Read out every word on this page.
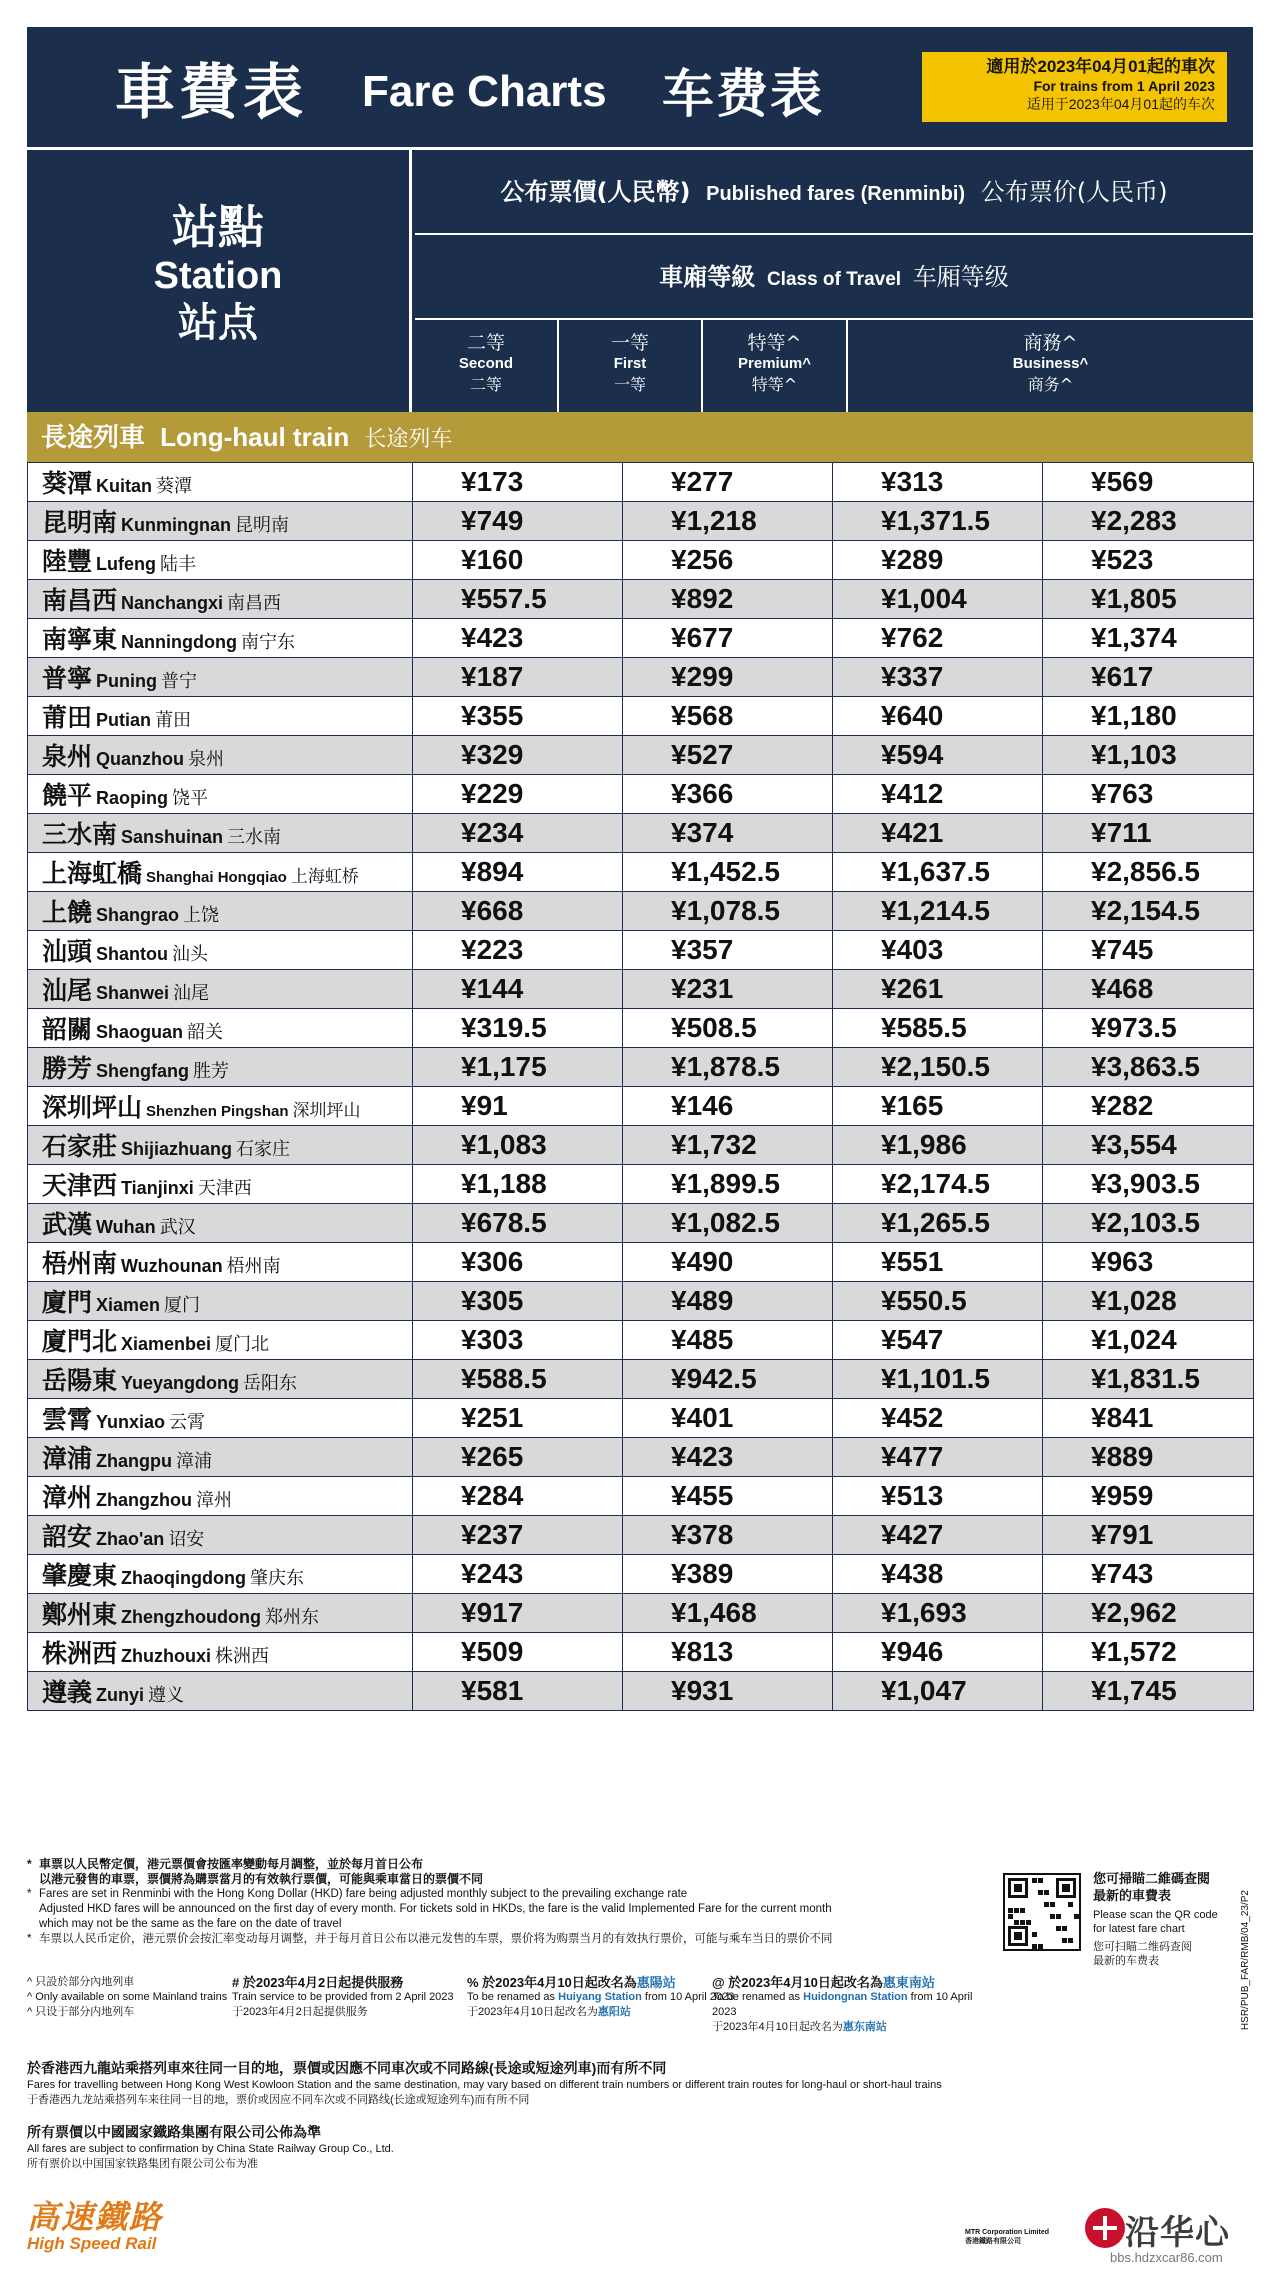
車費表 Fare Charts 车费表	適用於2023年04月01起的車次
For trains from 1 April 2023
适用于2023年04月01起的车次
站點
Station
站点
公布票價(人民幣) Published fares (Renminbi) 公布票价(人民币)
車廂等級 Class of Travel 车厢等级
二等
Second
二等
一等
First
一等
特等^
Premium^
特等^
商務^
Business^
商务^
長途列車 Long-haul train 长途列车
葵潭 Kuitan 葵潭	¥173	¥277	¥313	¥569
昆明南 Kunmingnan 昆明南	¥749	¥1,218	¥1,371.5	¥2,283
陸豐 Lufeng 陆丰	¥160	¥256	¥289	¥523
南昌西 Nanchangxi 南昌西	¥557.5	¥892	¥1,004	¥1,805
南寧東 Nanningdong 南宁东	¥423	¥677	¥762	¥1,374
普寧 Puning 普宁	¥187	¥299	¥337	¥617
莆田 Putian 莆田	¥355	¥568	¥640	¥1,180
泉州 Quanzhou 泉州	¥329	¥527	¥594	¥1,103
饒平 Raoping 饶平	¥229	¥366	¥412	¥763
三水南 Sanshuinan 三水南	¥234	¥374	¥421	¥711
上海虹橋 Shanghai Hongqiao 上海虹桥	¥894	¥1,452.5	¥1,637.5	¥2,856.5
上饒 Shangrao 上饶	¥668	¥1,078.5	¥1,214.5	¥2,154.5
汕頭 Shantou 汕头	¥223	¥357	¥403	¥745
汕尾 Shanwei 汕尾	¥144	¥231	¥261	¥468
韶關 Shaoguan 韶关	¥319.5	¥508.5	¥585.5	¥973.5
勝芳 Shengfang 胜芳	¥1,175	¥1,878.5	¥2,150.5	¥3,863.5
深圳坪山 Shenzhen Pingshan 深圳坪山	¥91	¥146	¥165	¥282
石家莊 Shijiazhuang 石家庄	¥1,083	¥1,732	¥1,986	¥3,554
天津西 Tianjinxi 天津西	¥1,188	¥1,899.5	¥2,174.5	¥3,903.5
武漢 Wuhan 武汉	¥678.5	¥1,082.5	¥1,265.5	¥2,103.5
梧州南 Wuzhounan 梧州南	¥306	¥490	¥551	¥963
廈門 Xiamen 厦门	¥305	¥489	¥550.5	¥1,028
廈門北 Xiamenbei 厦门北	¥303	¥485	¥547	¥1,024
岳陽東 Yueyangdong 岳阳东	¥588.5	¥942.5	¥1,101.5	¥1,831.5
雲霄 Yunxiao 云霄	¥251	¥401	¥452	¥841
漳浦 Zhangpu 漳浦	¥265	¥423	¥477	¥889
漳州 Zhangzhou 漳州	¥284	¥455	¥513	¥959
詔安 Zhao'an 诏安	¥237	¥378	¥427	¥791
肇慶東 Zhaoqingdong 肇庆东	¥243	¥389	¥438	¥743
鄭州東 Zhengzhoudong 郑州东	¥917	¥1,468	¥1,693	¥2,962
株洲西 Zhuzhouxi 株洲西	¥509	¥813	¥946	¥1,572
遵義 Zunyi 遵义	¥581	¥931	¥1,047	¥1,745
* 車票以人民幣定價，港元票價會按匯率變動每月調整，並於每月首日公布
以港元發售的車票，票價將為購票當月的有效執行票價，可能與乘車當日的票價不同
* Fares are set in Renminbi with the Hong Kong Dollar (HKD) fare being adjusted monthly subject to the prevailing exchange rate
Adjusted HKD fares will be announced on the first day of every month. For tickets sold in HKDs, the fare is the valid Implemented Fare for the current month
which may not be the same as the fare on the date of travel
* 车票以人民币定价，港元票价会按汇率变动每月调整，并于每月首日公布以港元发售的车票，票价将为购票当月的有效执行票价，可能与乘车当日的票价不同
^ 只設於部分內地列車
^ Only available on some Mainland trains
^ 只设于部分内地列车
# 於2023年4月2日起提供服務
Train service to be provided from 2 April 2023
于2023年4月2日起提供服务
% 於2023年4月10日起改名為惠陽站
To be renamed as Huiyang Station from 10 April 2023
于2023年4月10日起改名为惠阳站
@ 於2023年4月10日起改名為惠東南站
To be renamed as Huidongnan Station from 10 April 2023
于2023年4月10日起改名为惠东南站
於香港西九龍站乘搭列車來往同一目的地，票價或因應不同車次或不同路線(長途或短途列車)而有所不同
Fares for travelling between Hong Kong West Kowloon Station and the same destination, may vary based on different train numbers or different train routes for long-haul or short-haul trains
于香港西九龙站乘搭列车来往同一目的地，票价或因应不同车次或不同路线(长途或短途列车)而有所不同
所有票價以中國國家鐵路集團有限公司公佈為準
All fares are subject to confirmation by China State Railway Group Co., Ltd.
所有票价以中国国家铁路集团有限公司公布为准
您可掃瞄二維碼查閱
最新的車費表
Please scan the QR code
for latest fare chart
您可扫瞄二维码查阅
最新的车费表	HSR/PUB_FAR/RMB/04_23/P2
高速鐵路
High Speed Rail
MTR Corporation Limited
香港鐵路有限公司	沿华心
bbs.hdzxcar86.com
